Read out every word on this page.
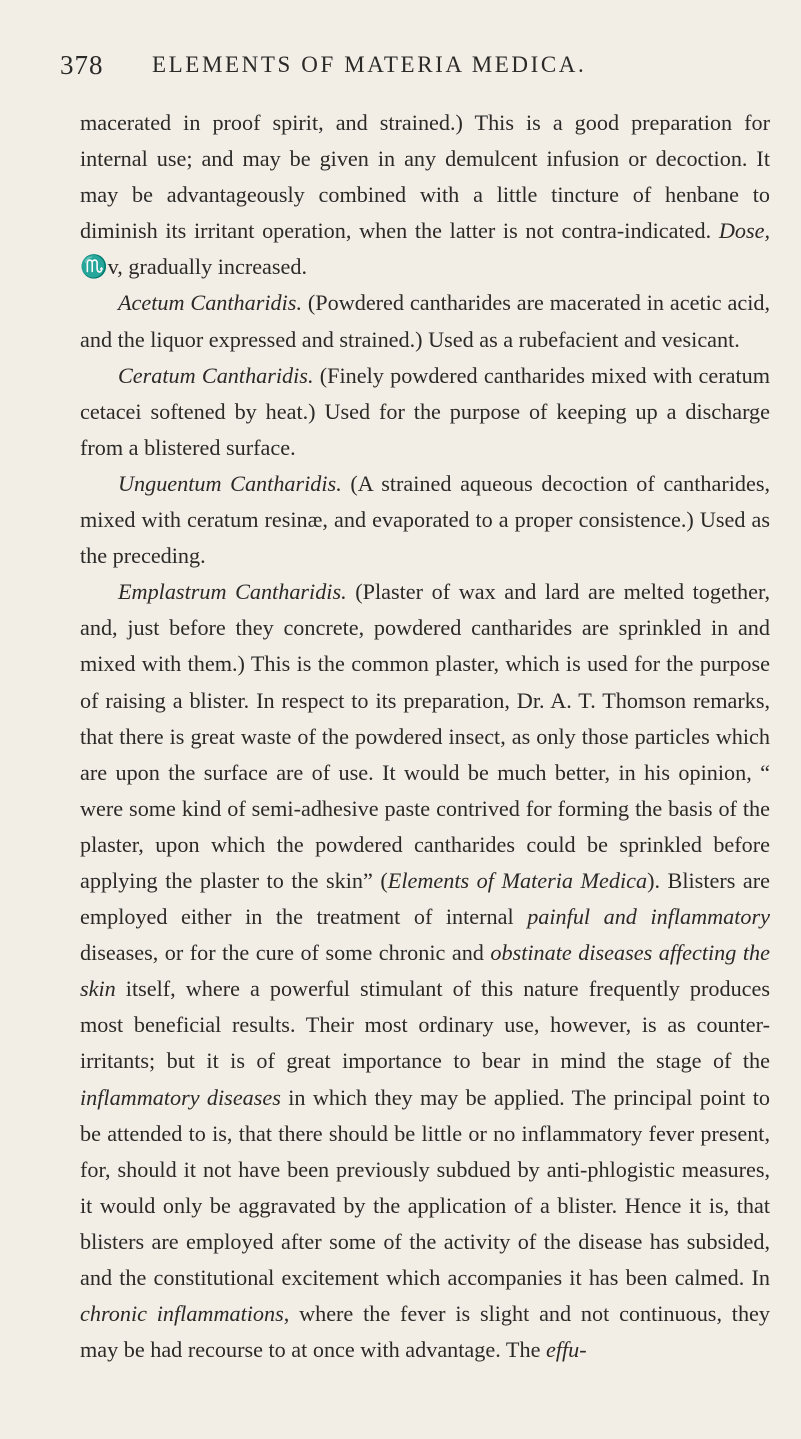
378 ELEMENTS OF MATERIA MEDICA.

macerated in proof spirit, and strained.) This is a good preparation for internal use; and may be given in any demulcent infusion or decoction. It may be advantageously combined with a little tincture of henbane to diminish its irritant operation, when the latter is not contra-indicated. Dose, ♏v, gradually increased.

Acetum Cantharidis. (Powdered cantharides are macerated in acetic acid, and the liquor expressed and strained.) Used as a rubefacient and vesicant.

Ceratum Cantharidis. (Finely powdered cantharides mixed with ceratum cetacei softened by heat.) Used for the purpose of keeping up a discharge from a blistered surface.

Unguentum Cantharidis. (A strained aqueous decoction of cantharides, mixed with ceratum resinæ, and evaporated to a proper consistence.) Used as the preceding.

Emplastrum Cantharidis. (Plaster of wax and lard are melted together, and, just before they concrete, powdered cantharides are sprinkled in and mixed with them.) This is the common plaster, which is used for the purpose of raising a blister. In respect to its preparation, Dr. A. T. Thomson remarks, that there is great waste of the powdered insect, as only those particles which are upon the surface are of use. It would be much better, in his opinion, “ were some kind of semi-adhesive paste contrived for forming the basis of the plaster, upon which the powdered cantharides could be sprinkled before applying the plaster to the skin” (Elements of Materia Medica). Blisters are employed either in the treatment of internal painful and inflammatory diseases, or for the cure of some chronic and obstinate diseases affecting the skin itself, where a powerful stimulant of this nature frequently produces most beneficial results. Their most ordinary use, however, is as counter-irritants; but it is of great importance to bear in mind the stage of the inflammatory diseases in which they may be applied. The principal point to be attended to is, that there should be little or no inflammatory fever present, for, should it not have been previously subdued by anti-phlogistic measures, it would only be aggravated by the application of a blister. Hence it is, that blisters are employed after some of the activity of the disease has subsided, and the constitutional excitement which accompanies it has been calmed. In chronic inflammations, where the fever is slight and not continuous, they may be had recourse to at once with advantage. The effu-
